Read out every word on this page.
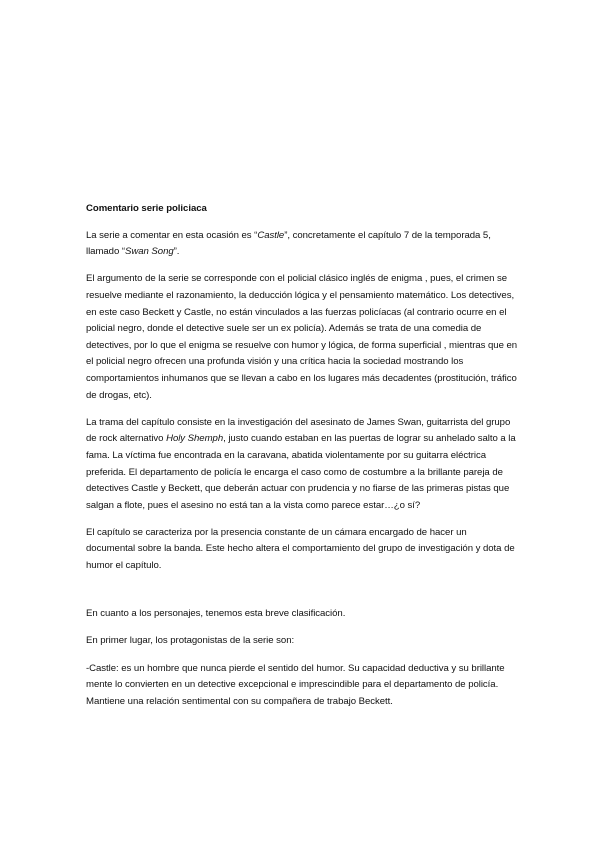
Comentario serie policiaca

La serie a comentar en esta ocasión es “Castle”, concretamente el capítulo 7 de la temporada 5, llamado “Swan Song”.

El argumento de la serie se corresponde con el policial clásico inglés de enigma , pues, el crimen se resuelve mediante el razonamiento, la deducción lógica y el pensamiento matemático. Los detectives, en este caso Beckett y Castle, no están vinculados a las fuerzas policíacas (al contrario ocurre en el policial negro, donde el detective suele ser un ex policía). Además se trata de una comedia de detectives, por lo que el enigma se resuelve con humor y lógica, de forma superficial , mientras que en el policial negro ofrecen una profunda visión y una crítica hacia la sociedad mostrando los comportamientos inhumanos que se llevan a cabo en los lugares más decadentes (prostitución, tráfico de drogas, etc).

La trama del capítulo consiste en la investigación del asesinato de James Swan, guitarrista del grupo de rock alternativo Holy Shemph, justo cuando estaban en las puertas de lograr su anhelado salto a la fama. La víctima fue encontrada en la caravana, abatida violentamente por su guitarra eléctrica preferida. El departamento de policía le encarga el caso como de costumbre a la brillante pareja de detectives Castle y Beckett, que deberán actuar con prudencia y no fiarse de las primeras pistas que salgan a flote, pues el asesino no está tan a la vista como parece estar…¿o sí?

El capítulo se caracteriza por la presencia constante de un cámara encargado de hacer un documental sobre la banda. Este hecho altera el comportamiento del grupo de investigación y dota de humor el capítulo.

En cuanto a los personajes, tenemos esta breve clasificación.

En primer lugar, los protagonistas de la serie son:

-Castle: es un hombre que nunca pierde el sentido del humor. Su capacidad deductiva y su brillante mente lo convierten en un detective excepcional e imprescindible para el departamento de policía. Mantiene una relación sentimental con su compañera de trabajo Beckett.
